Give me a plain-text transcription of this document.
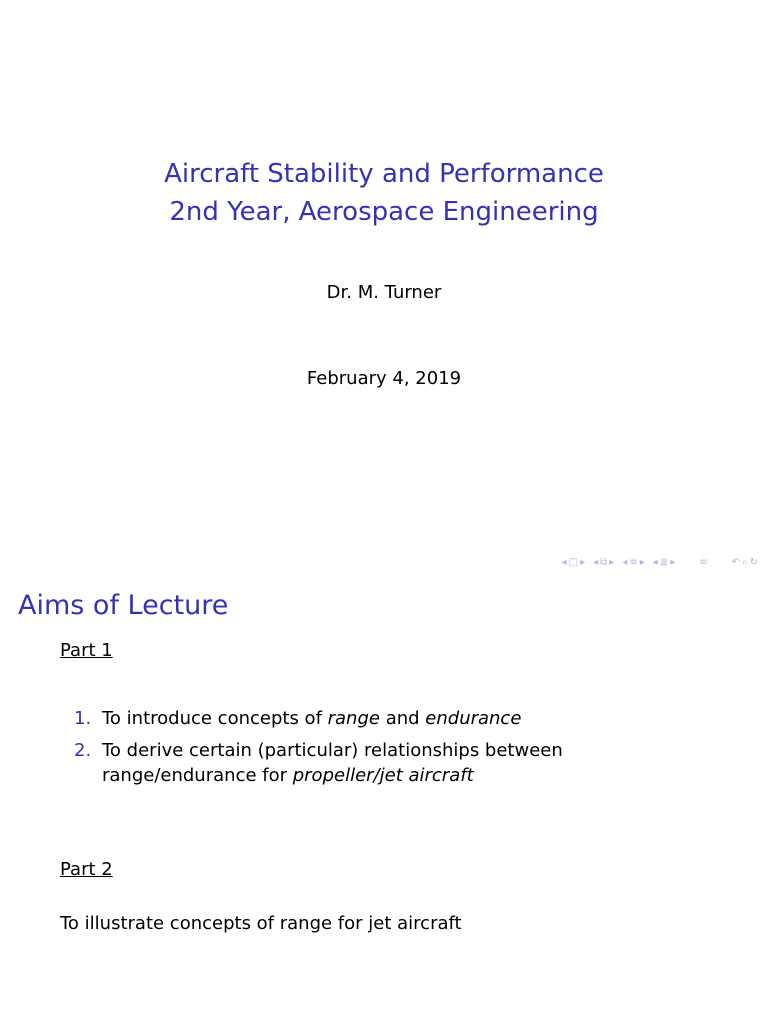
Aircraft Stability and Performance
2nd Year, Aerospace Engineering
Dr. M. Turner
February 4, 2019
◂ □ ▸ ◂ ⧉ ▸ ◂ ≡ ▸ ◂ ≣ ▸ ≡ ↶ ⌕ ↻
Aims of Lecture
Part 1
1. To introduce concepts of range and endurance
2. To derive certain (particular) relationships between range/endurance for propeller/jet aircraft
Part 2
To illustrate concepts of range for jet aircraft
